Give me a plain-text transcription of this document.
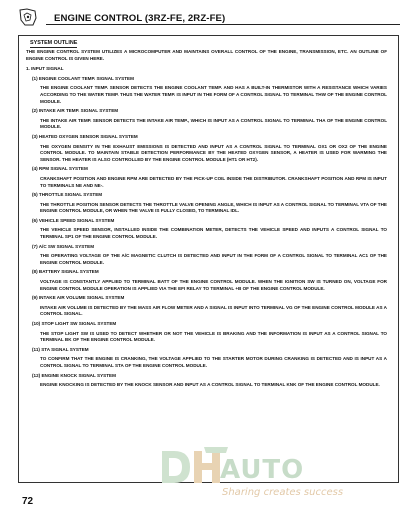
ENGINE CONTROL (3RZ-FE, 2RZ-FE)
SYSTEM OUTLINE

THE ENGINE CONTROL SYSTEM UTILIZES A MICROCOMPUTER AND MAINTAINS OVERALL CONTROL OF THE ENGINE, TRANSMISSION, ETC. AN OUTLINE OF ENGINE CONTROL IS GIVEN HERE.

1. INPUT SIGNAL

(1) ENGINE COOLANT TEMP. SIGNAL SYSTEM

THE ENGINE COOLANT TEMP. SENSOR DETECTS THE ENGINE COOLANT TEMP. AND HAS A BUILT-IN THERMISTOR WITH A RESISTANCE WHICH VARIES ACCORDING TO THE WATER TEMP. THUS THE WATER TEMP. IS INPUT IN THE FORM OF A CONTROL SIGNAL TO TERMINAL THW OF THE ENGINE CONTROL MODULE.

(2) INTAKE AIR TEMP. SIGNAL SYSTEM

THE INTAKE AIR TEMP. SENSOR DETECTS THE INTAKE AIR TEMP., WHICH IS INPUT AS A CONTROL SIGNAL TO TERMINAL THA OF THE ENGINE CONTROL MODULE.

(3) HEATED OXYGEN SENSOR SIGNAL SYSTEM

THE OXYGEN DENSITY IN THE EXHAUST EMISSIONS IS DETECTED AND INPUT AS A CONTROL SIGNAL TO TERMINAL OX1 OR OX2 OF THE ENGINE CONTROL MODULE. TO MAINTAIN STABLE DETECTION PERFORMANCE BY THE HEATED OXYGEN SENSOR, A HEATER IS USED FOR WARMING THE SENSOR. THE HEATER IS ALSO CONTROLLED BY THE ENGINE CONTROL MODULE (HT1 OR HT2).

(4) RPM SIGNAL SYSTEM

CRANKSHAFT POSITION AND ENGINE RPM ARE DETECTED BY THE PICK-UP COIL INSIDE THE DISTRIBUTOR. CRANKSHAFT POSITION AND RPM IS INPUT TO TERMINALS NE AND NE-.

(5) THROTTLE SIGNAL SYSTEM

THE THROTTLE POSITION SENSOR DETECTS THE THROTTLE VALVE OPENING ANGLE, WHICH IS INPUT AS A CONTROL SIGNAL TO TERMINAL VTA OF THE ENGINE CONTROL MODULE, OR WHEN THE VALVE IS FULLY CLOSED, TO TERMINAL IDL.

(6) VEHICLE SPEED SIGNAL SYSTEM

THE VEHICLE SPEED SENSOR, INSTALLED INSIDE THE COMBINATION METER, DETECTS THE VEHICLE SPEED AND INPUTS A CONTROL SIGNAL TO TERMINAL SP1 OF THE ENGINE CONTROL MODULE.

(7) A/C SW SIGNAL SYSTEM

THE OPERATING VOLTAGE OF THE A/C MAGNETIC CLUTCH IS DETECTED AND INPUT IN THE FORM OF A CONTROL SIGNAL TO TERMINAL AC1 OF THE ENGINE CONTROL MODULE.

(8) BATTERY SIGNAL SYSTEM

VOLTAGE IS CONSTANTLY APPLIED TO TERMINAL BATT OF THE ENGINE CONTROL MODULE. WHEN THE IGNITION SW IS TURNED ON, VOLTAGE FOR ENGINE CONTROL MODULE OPERATION IS APPLIED VIA THE EFI RELAY TO TERMINAL +B OF THE ENGINE CONTROL MODULE.

(9) INTAKE AIR VOLUME SIGNAL SYSTEM

INTAKE AIR VOLUME IS DETECTED BY THE MASS AIR FLOW METER AND A SIGNAL IS INPUT INTO TERMINAL VG OF THE ENGINE CONTROL MODULE AS A CONTROL SIGNAL.

(10) STOP LIGHT SW SIGNAL SYSTEM

THE STOP LIGHT SW IS USED TO DETECT WHETHER OR NOT THE VEHICLE IS BRAKING AND THE INFORMATION IS INPUT AS A CONTROL SIGNAL TO TERMINAL BK OF THE ENGINE CONTROL MODULE.

(11) STA SIGNAL SYSTEM

TO CONFIRM THAT THE ENGINE IS CRANKING, THE VOLTAGE APPLIED TO THE STARTER MOTOR DURING CRANKING IS DETECTED AND IS INPUT AS A CONTROL SIGNAL TO TERMINAL STA OF THE ENGINE CONTROL MODULE.

(12) ENGINE KNOCK SIGNAL SYSTEM

ENGINE KNOCKING IS DETECTED BY THE KNOCK SENSOR AND INPUT AS A CONTROL SIGNAL TO TERMINAL KNK OF THE ENGINE CONTROL MODULE.

AUTO
Sharing creates success
72
